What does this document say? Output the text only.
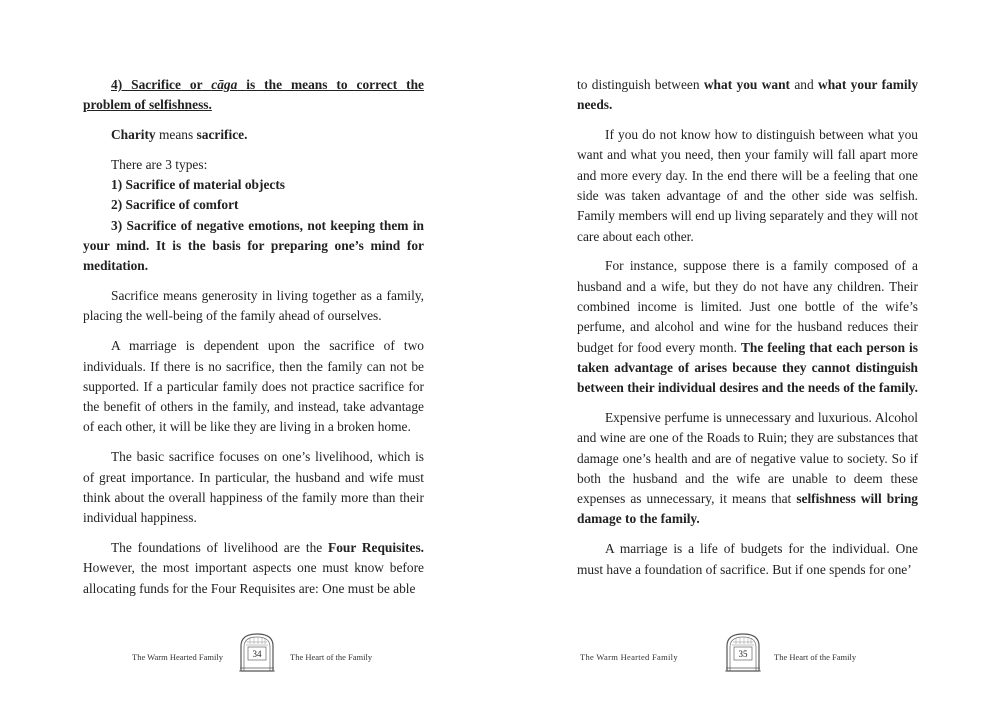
4) Sacrifice or cāga is the means to correct the problem of selfishness.

Charity means sacrifice.

There are 3 types:

1) Sacrifice of material objects
2) Sacrifice of comfort
3) Sacrifice of negative emotions, not keeping them in your mind. It is the basis for preparing one’s mind for meditation.

Sacrifice means generosity in living together as a family, placing the well-being of the family ahead of ourselves.

A marriage is dependent upon the sacrifice of two individuals. If there is no sacrifice, then the family can not be supported. If a particular family does not practice sacrifice for the benefit of others in the family, and instead, take advantage of each other, it will be like they are living in a broken home.

The basic sacrifice focuses on one’s livelihood, which is of great importance. In particular, the husband and wife must think about the overall happiness of the family more than their individual happiness.

The foundations of livelihood are the Four Requisites. However, the most important aspects one must know before allocating funds for the Four Requisites are: One must be able

The Warm Hearted Family	34	The Heart of the Family

to distinguish between what you want and what your family needs.

If you do not know how to distinguish between what you want and what you need, then your family will fall apart more and more every day. In the end there will be a feeling that one side was taken advantage of and the other side was selfish. Family members will end up living separately and they will not care about each other.

For instance, suppose there is a family composed of a husband and a wife, but they do not have any children. Their combined income is limited. Just one bottle of the wife’s perfume, and alcohol and wine for the husband reduces their budget for food every month. The feeling that each person is taken advantage of arises because they cannot distinguish between their individual desires and the needs of the family.

Expensive perfume is unnecessary and luxurious. Alcohol and wine are one of the Roads to Ruin; they are substances that damage one’s health and are of negative value to society. So if both the husband and the wife are unable to deem these expenses as unnecessary, it means that selfishness will bring damage to the family.

A marriage is a life of budgets for the individual. One must have a foundation of sacrifice. But if one spends for one’

The Warm Hearted Family	35	The Heart of the Family
